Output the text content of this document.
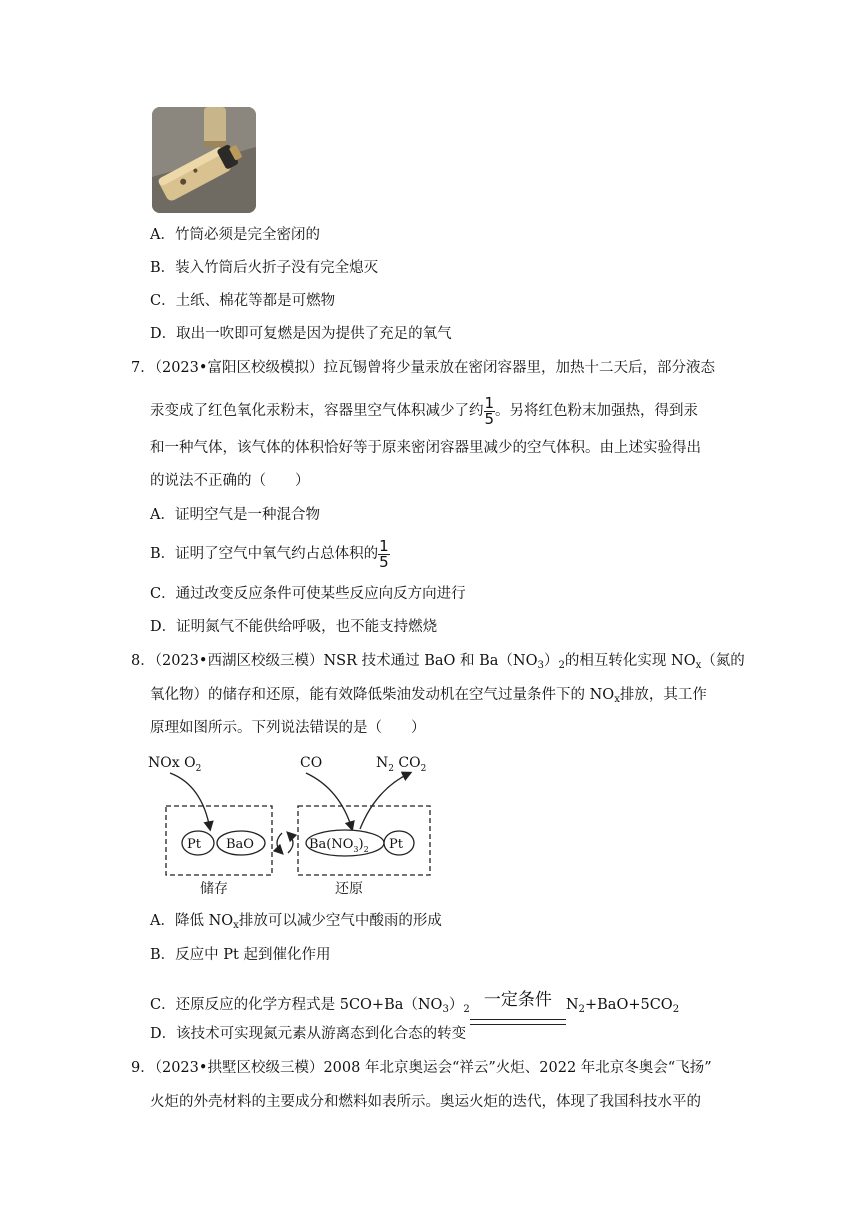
A．竹筒必须是完全密闭的
B．装入竹筒后火折子没有完全熄灭
C．土纸、棉花等都是可燃物
D．取出一吹即可复燃是因为提供了充足的氧气
7．（2023•富阳区校级模拟）拉瓦锡曾将少量汞放在密闭容器里，加热十二天后，部分液态
汞变成了红色氧化汞粉末，容器里空气体积减少了约 $\frac{1}{5}$ 。另将红色粉末加强热，得到汞
和一种气体，该气体的体积恰好等于原来密闭容器里减少的空气体积。由上述实验得出
的说法不正确的（　　）
A．证明空气是一种混合物
B．证明了空气中氧气约占总体积的 $\frac{1}{5}$
C．通过改变反应条件可使某些反应向反方向进行
D．证明氮气不能供给呼吸，也不能支持燃烧
8．（2023•西湖区校级三模）NSR 技术通过 BaO 和 $Ba(NO_3)_2$的相互转化实现 $NO_x$（氮的
氧化物）的储存和还原，能有效降低柴油发动机在空气过量条件下的 $NO_x$排放，其工作
原理如图所示。下列说法错误的是（　　）
NOx $O_2$	CO	$N_2$ $CO_2$
Pt BaO	$Ba(NO_3)_2$ Pt
储存	还原
A．降低 $NO_x$排放可以减少空气中酸雨的形成
B．反应中 Pt 起到催化作用
C．还原反应的化学方程式是 $5CO+Ba(NO_3)_2$ 一定条件 $N_2+BaO+5CO_2$
D．该技术可实现氮元素从游离态到化合态的转变
9．（2023•拱墅区校级三模）2008 年北京奥运会“祥云”火炬、2022 年北京冬奥会“飞扬”
火炬的外壳材料的主要成分和燃料如表所示。奥运火炬的迭代，体现了我国科技水平的
